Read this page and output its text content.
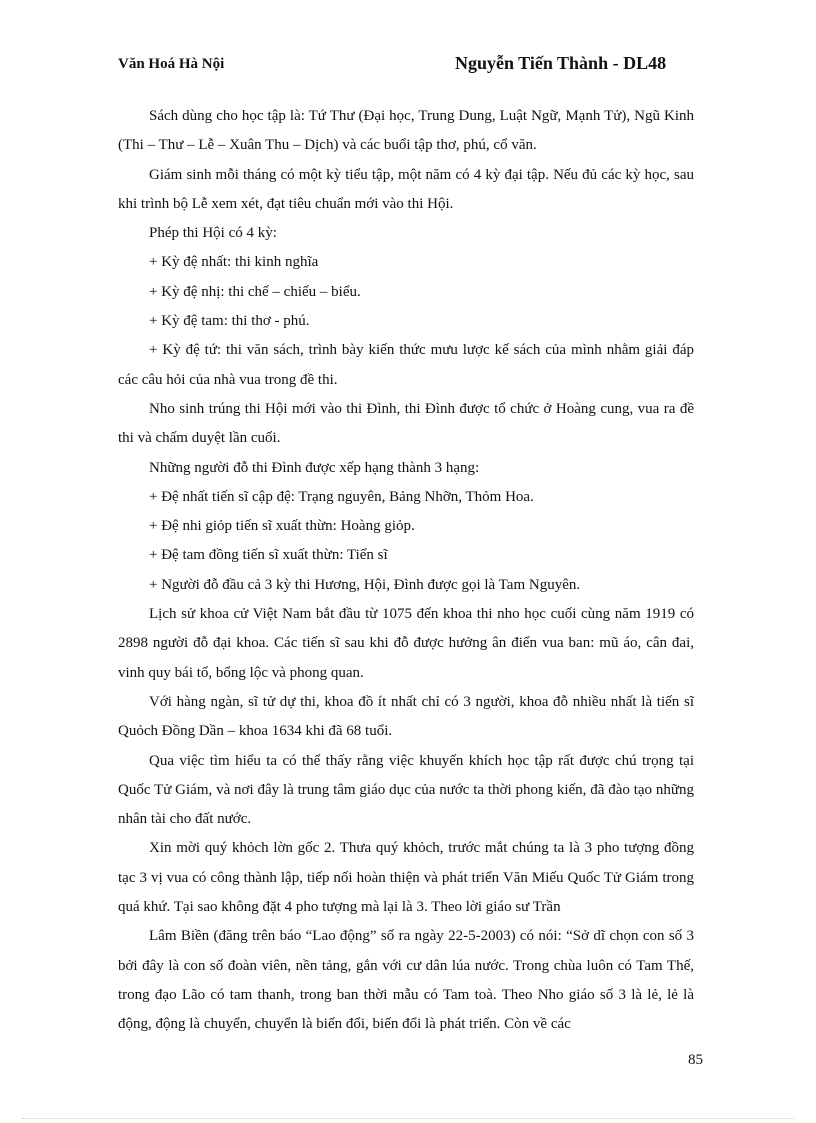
Văn Hoá Hà Nội	Nguyễn Tiến Thành - DL48

Sách dùng cho học tập là: Tứ Thư (Đại học, Trung Dung, Luật Ngữ, Mạnh Tử), Ngũ Kinh (Thi – Thư – Lễ – Xuân Thu – Dịch) và các buổi tập thơ, phú, cổ văn.

Giám sinh mỗi tháng có một kỳ tiểu tập, một năm có 4 kỳ đại tập. Nếu đủ các kỳ học, sau khi trình bộ Lễ xem xét, đạt tiêu chuẩn mới vào thi Hội.

Phép thi Hội có 4 kỳ:

+ Kỳ đệ nhất: thi kinh nghĩa

+ Kỳ đệ nhị: thi chế – chiếu – biểu.

+ Kỳ đệ tam: thi thơ - phú.

+ Kỳ đệ tứ: thi văn sách, trình bày kiến thức mưu lược kế sách của mình nhằm giải đáp các câu hỏi của nhà vua trong đề thi.

Nho sinh trúng thi Hội mới vào thi Đình, thi Đình được tổ chức ở Hoàng cung, vua ra đề thi và chấm duyệt lần cuối.

Những người đỗ thi Đình được xếp hạng thành 3 hạng:

+ Đệ nhất tiến sĩ cập đệ: Trạng nguyên, Bảng Nhỡn, Thỏm Hoa.

+ Đệ nhi giỏp tiến sĩ xuất thừn: Hoàng giỏp.

+ Đệ tam đồng tiến sĩ xuất thừn: Tiến sĩ

+ Người đỗ đầu cả 3 kỳ thi Hương, Hội, Đình được gọi là Tam Nguyên.

Lịch sử khoa cử Việt Nam bắt đầu từ 1075 đến khoa thi nho học cuối cùng năm 1919 có 2898 người đỗ đại khoa. Các tiến sĩ sau khi đỗ được hưởng ân điển vua ban: mũ áo, cân đai, vinh quy bái tổ, bổng lộc và phong quan.

Với hàng ngàn, sĩ tử dự thi, khoa đồ ít nhất chỉ có 3 người, khoa đỗ nhiều nhất là tiến sĩ Quỏch Đồng Dần – khoa 1634 khi đã 68 tuổi.

Qua việc tìm hiểu ta có thể thấy rằng việc khuyến khích học tập rất được chú trọng tại Quốc Tử Giám, và nơi đây là trung tâm giáo dục của nước ta thời phong kiến, đã đào tạo những nhân tài cho đất nước.

Xin mời quý khỏch lờn gốc 2. Thưa quý khỏch, trước mắt chúng ta là 3 pho tượng đồng tạc 3 vị vua có công thành lập, tiếp nối hoàn thiện và phát triển Văn Miếu Quốc Tử Giám trong quá khứ. Tại sao không đặt 4 pho tượng mà lại là 3. Theo lời giáo sư Trần

Lâm Biền (đăng trên báo “Lao động” số ra ngày 22-5-2003) có nói: “Sở dĩ chọn con số 3 bởi đây là con số đoàn viên, nền tảng, gắn với cư dân lúa nước. Trong chùa luôn có Tam Thế, trong đạo Lão có tam thanh, trong ban thời mẫu có Tam toà. Theo Nho giáo số 3 là lẻ, lẻ là động, động là chuyển, chuyển là biến đổi, biến đổi là phát triển. Còn về các

85
